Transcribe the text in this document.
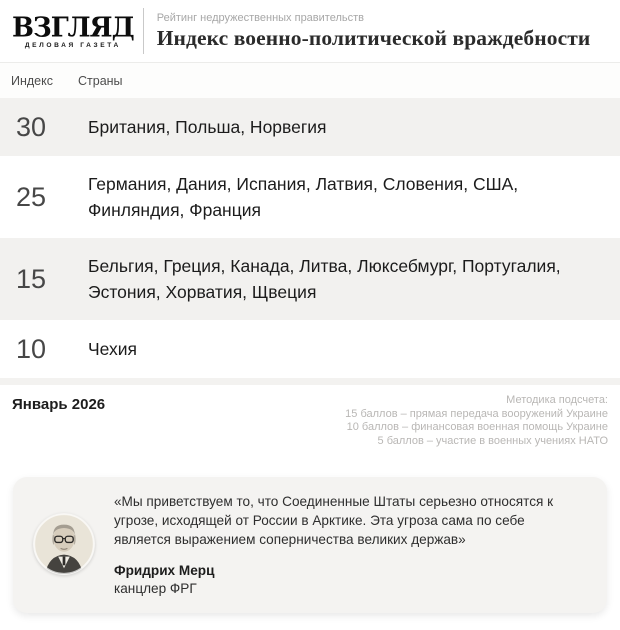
ВЗГЛЯД
ДЕЛОВАЯ ГАЗЕТА
Рейтинг недружественных правительств
Индекс военно-политической враждебности
Индекс	Страны
30	Британия, Польша, Норвегия
25	Германия, Дания, Испания, Латвия, Словения, США, Финляндия, Франция
15	Бельгия, Греция, Канада, Литва, Люксебмург, Португалия, Эстония, Хорватия, Щвеция
10	Чехия
Январь 2026	Методика подсчета:
15 баллов – прямая передача вооружений Украине
10 баллов – финансовая военная помощь Украине
5 баллов – участие в военных учениях НАТО
«Мы приветствуем то, что Соединенные Штаты серьезно относятся к угрозе, исходящей от России в Арктике. Эта угроза сама по себе является выражением соперничества великих держав»
Фридрих Мерц
канцлер ФРГ
